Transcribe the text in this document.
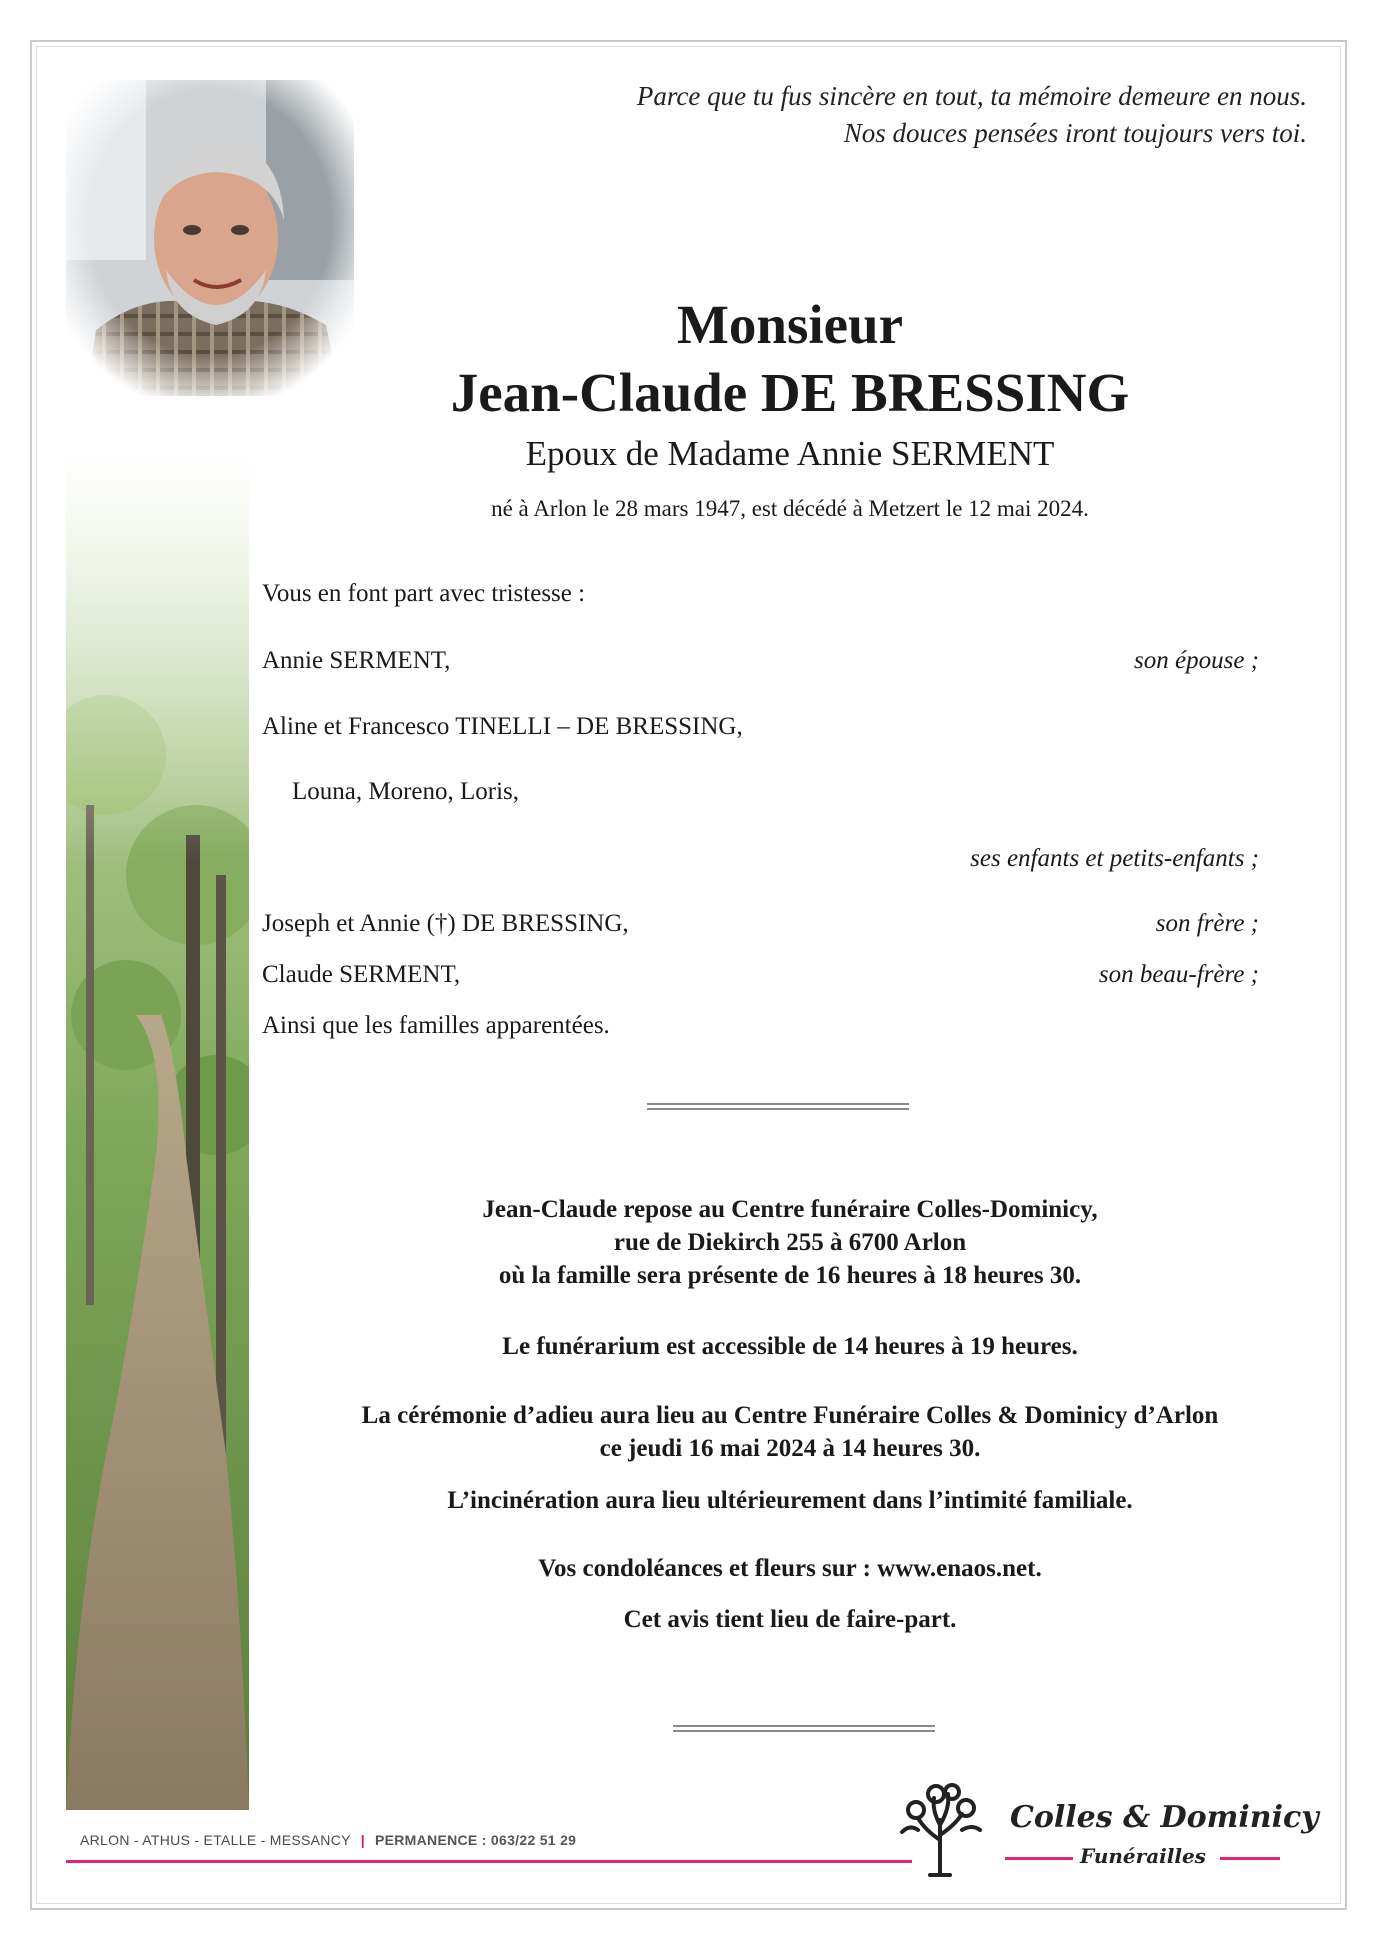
Parce que tu fus sincère en tout, ta mémoire demeure en nous.
Nos douces pensées iront toujours vers toi.
Monsieur
Jean-Claude DE BRESSING
Epoux de Madame Annie SERMENT
né à Arlon le 28 mars 1947, est décédé à Metzert le 12 mai 2024.
Vous en font part avec tristesse :
Annie SERMENT,	son épouse ;
Aline et Francesco TINELLI – DE BRESSING,
Louna, Moreno, Loris,
ses enfants et petits-enfants ;
Joseph et Annie (†) DE BRESSING,	son frère ;
Claude SERMENT,	son beau-frère ;
Ainsi que les familles apparentées.
Jean-Claude repose au Centre funéraire Colles-Dominicy,
rue de Diekirch 255 à 6700 Arlon
où la famille sera présente de 16 heures à 18 heures 30.
Le funérarium est accessible de 14 heures à 19 heures.
La cérémonie d’adieu aura lieu au Centre Funéraire Colles & Dominicy d’Arlon
ce jeudi 16 mai 2024 à 14 heures 30.
L’incinération aura lieu ultérieurement dans l’intimité familiale.
Vos condoléances et fleurs sur : www.enaos.net.
Cet avis tient lieu de faire-part.
ARLON - ATHUS - ETALLE - MESSANCY | PERMANENCE : 063/22 51 29
Colles & Dominicy
Funérailles
